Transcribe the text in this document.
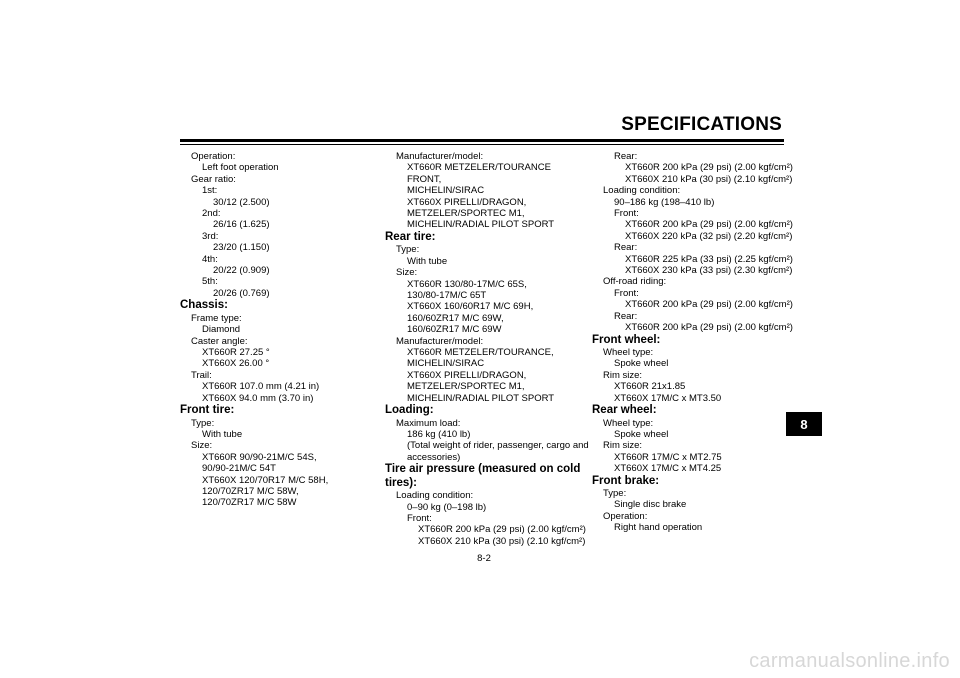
SPECIFICATIONS
8
Operation:
Left foot operation
Gear ratio:
1st:
30/12 (2.500)
2nd:
26/16 (1.625)
3rd:
23/20 (1.150)
4th:
20/22 (0.909)
5th:
20/26 (0.769)
Chassis:
Frame type:
Diamond
Caster angle:
XT660R 27.25 °
XT660X 26.00 °
Trail:
XT660R 107.0 mm (4.21 in)
XT660X 94.0 mm (3.70 in)
Front tire:
Type:
With tube
Size:
XT660R 90/90-21M/C 54S,
90/90-21M/C 54T
XT660X 120/70R17 M/C 58H,
120/70ZR17 M/C 58W,
120/70ZR17 M/C 58W
Manufacturer/model:
XT660R METZELER/TOURANCE
FRONT,
MICHELIN/SIRAC
XT660X PIRELLI/DRAGON,
METZELER/SPORTEC M1,
MICHELIN/RADIAL PILOT SPORT
Rear tire:
Type:
With tube
Size:
XT660R 130/80-17M/C 65S,
130/80-17M/C 65T
XT660X 160/60R17 M/C 69H,
160/60ZR17 M/C 69W,
160/60ZR17 M/C 69W
Manufacturer/model:
XT660R METZELER/TOURANCE,
MICHELIN/SIRAC
XT660X PIRELLI/DRAGON,
METZELER/SPORTEC M1,
MICHELIN/RADIAL PILOT SPORT
Loading:
Maximum load:
186 kg (410 lb)
(Total weight of rider, passenger, cargo and
accessories)
Tire air pressure (measured on cold
tires):
Loading condition:
0–90 kg (0–198 lb)
Front:
XT660R 200 kPa (29 psi) (2.00 kgf/cm²)
XT660X 210 kPa (30 psi) (2.10 kgf/cm²)
Rear:
XT660R 200 kPa (29 psi) (2.00 kgf/cm²)
XT660X 210 kPa (30 psi) (2.10 kgf/cm²)
Loading condition:
90–186 kg (198–410 lb)
Front:
XT660R 200 kPa (29 psi) (2.00 kgf/cm²)
XT660X 220 kPa (32 psi) (2.20 kgf/cm²)
Rear:
XT660R 225 kPa (33 psi) (2.25 kgf/cm²)
XT660X 230 kPa (33 psi) (2.30 kgf/cm²)
Off-road riding:
Front:
XT660R 200 kPa (29 psi) (2.00 kgf/cm²)
Rear:
XT660R 200 kPa (29 psi) (2.00 kgf/cm²)
Front wheel:
Wheel type:
Spoke wheel
Rim size:
XT660R 21x1.85
XT660X 17M/C x MT3.50
Rear wheel:
Wheel type:
Spoke wheel
Rim size:
XT660R 17M/C x MT2.75
XT660X 17M/C x MT4.25
Front brake:
Type:
Single disc brake
Operation:
Right hand operation
8-2
carmanualsonline.info
